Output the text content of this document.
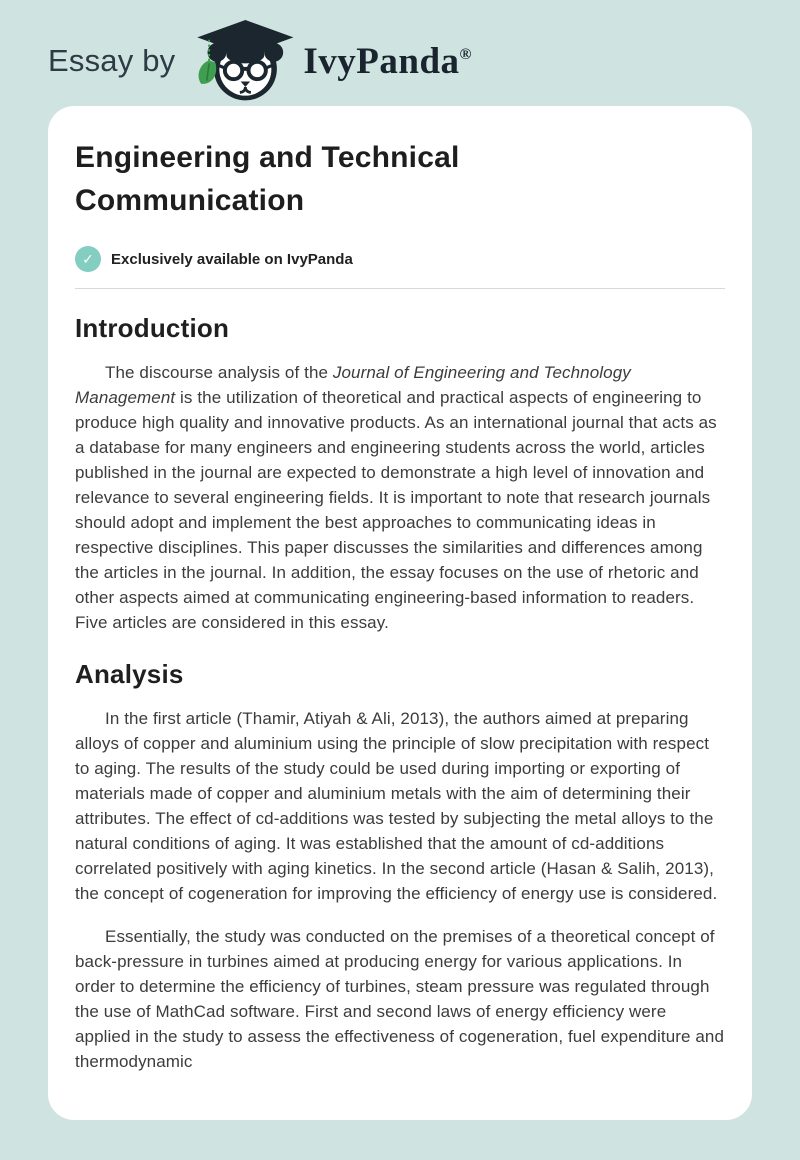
Essay by	IvyPanda®
Engineering and Technical Communication
✓	Exclusively available on IvyPanda
Introduction

The discourse analysis of the Journal of Engineering and Technology Management is the utilization of theoretical and practical aspects of engineering to produce high quality and innovative products. As an international journal that acts as a database for many engineers and engineering students across the world, articles published in the journal are expected to demonstrate a high level of innovation and relevance to several engineering fields. It is important to note that research journals should adopt and implement the best approaches to communicating ideas in respective disciplines. This paper discusses the similarities and differences among the articles in the journal. In addition, the essay focuses on the use of rhetoric and other aspects aimed at communicating engineering-based information to readers. Five articles are considered in this essay.

Analysis

In the first article (Thamir, Atiyah & Ali, 2013), the authors aimed at preparing alloys of copper and aluminium using the principle of slow precipitation with respect to aging. The results of the study could be used during importing or exporting of materials made of copper and aluminium metals with the aim of determining their attributes. The effect of cd-additions was tested by subjecting the metal alloys to the natural conditions of aging. It was established that the amount of cd-additions correlated positively with aging kinetics. In the second article (Hasan & Salih, 2013), the concept of cogeneration for improving the efficiency of energy use is considered.

Essentially, the study was conducted on the premises of a theoretical concept of back-pressure in turbines aimed at producing energy for various applications. In order to determine the efficiency of turbines, steam pressure was regulated through the use of MathCad software. First and second laws of energy efficiency were applied in the study to assess the effectiveness of cogeneration, fuel expenditure and thermodynamic
